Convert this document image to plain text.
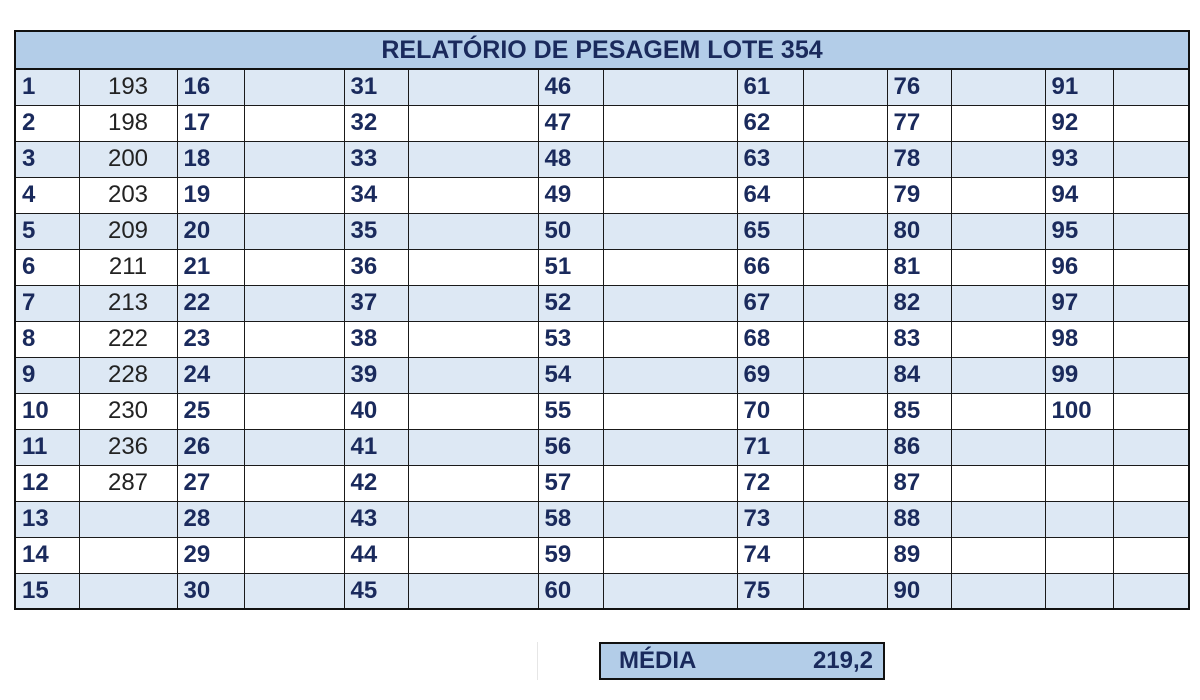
RELATÓRIO DE PESAGEM LOTE 354													
1	193	16		31		46		61		76		91	
2	198	17		32		47		62		77		92	
3	200	18		33		48		63		78		93	
4	203	19		34		49		64		79		94	
5	209	20		35		50		65		80		95	
6	211	21		36		51		66		81		96	
7	213	22		37		52		67		82		97	
8	222	23		38		53		68		83		98	
9	228	24		39		54		69		84		99	
10	230	25		40		55		70		85		100	
11	236	26		41		56		71		86			
12	287	27		42		57		72		87			
13		28		43		58		73		88			
14		29		44		59		74		89			
15		30		45		60		75		90			
MÉDIA	219,2
